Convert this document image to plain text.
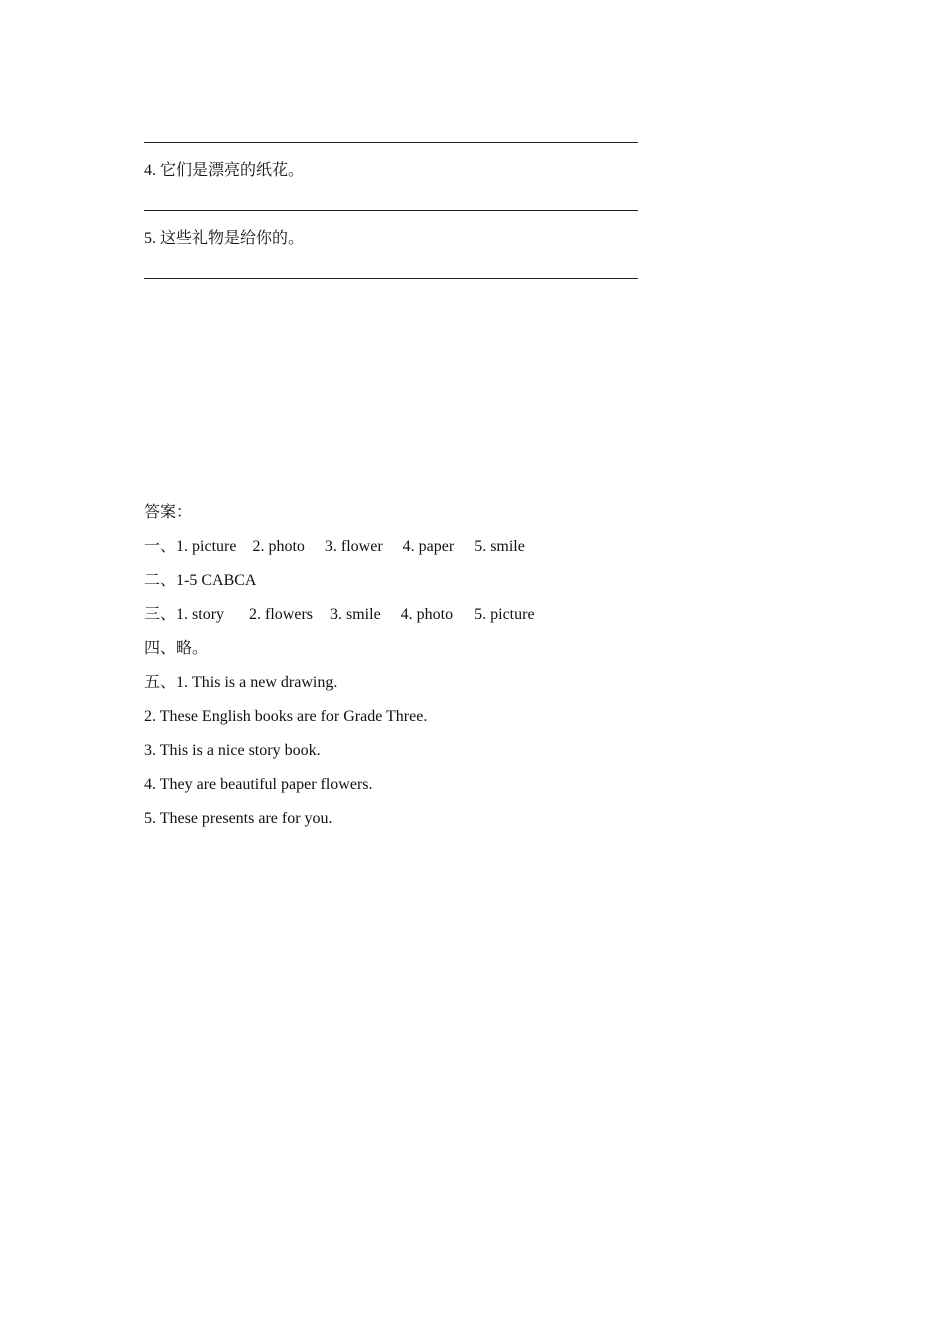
4. 它们是漂亮的纸花。
5. 这些礼物是给你的。
答案：
一、1. picture 2. photo 3. flower 4. paper 5. smile
二、1-5 CABCA
三、1. story 2. flowers 3. smile 4. photo 5. picture
四、略。
五、1. This is a new drawing.
2. These English books are for Grade Three.
3. This is a nice story book.
4. They are beautiful paper flowers.
5. These presents are for you.
